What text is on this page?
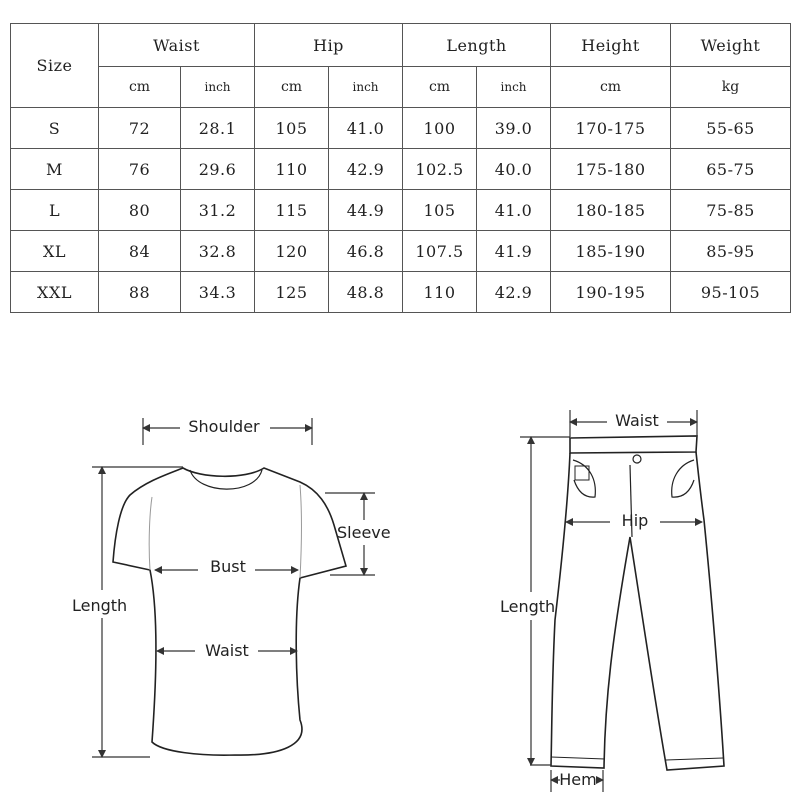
Size	Waist		Hip		Length		Height	Weight
	cm	inch	cm	inch	cm	inch	cm	kg
S	72	28.1	105	41.0	100	39.0	170-175	55-65
M	76	29.6	110	42.9	102.5	40.0	175-180	65-75
L	80	31.2	115	44.9	105	41.0	180-185	75-85
XL	84	32.8	120	46.8	107.5	41.9	185-190	85-95
XXL	88	34.3	125	48.8	110	42.9	190-195	95-105
Shoulder
Sleeve
Bust
Waist
Length
Waist
Hip
Length
Hem
